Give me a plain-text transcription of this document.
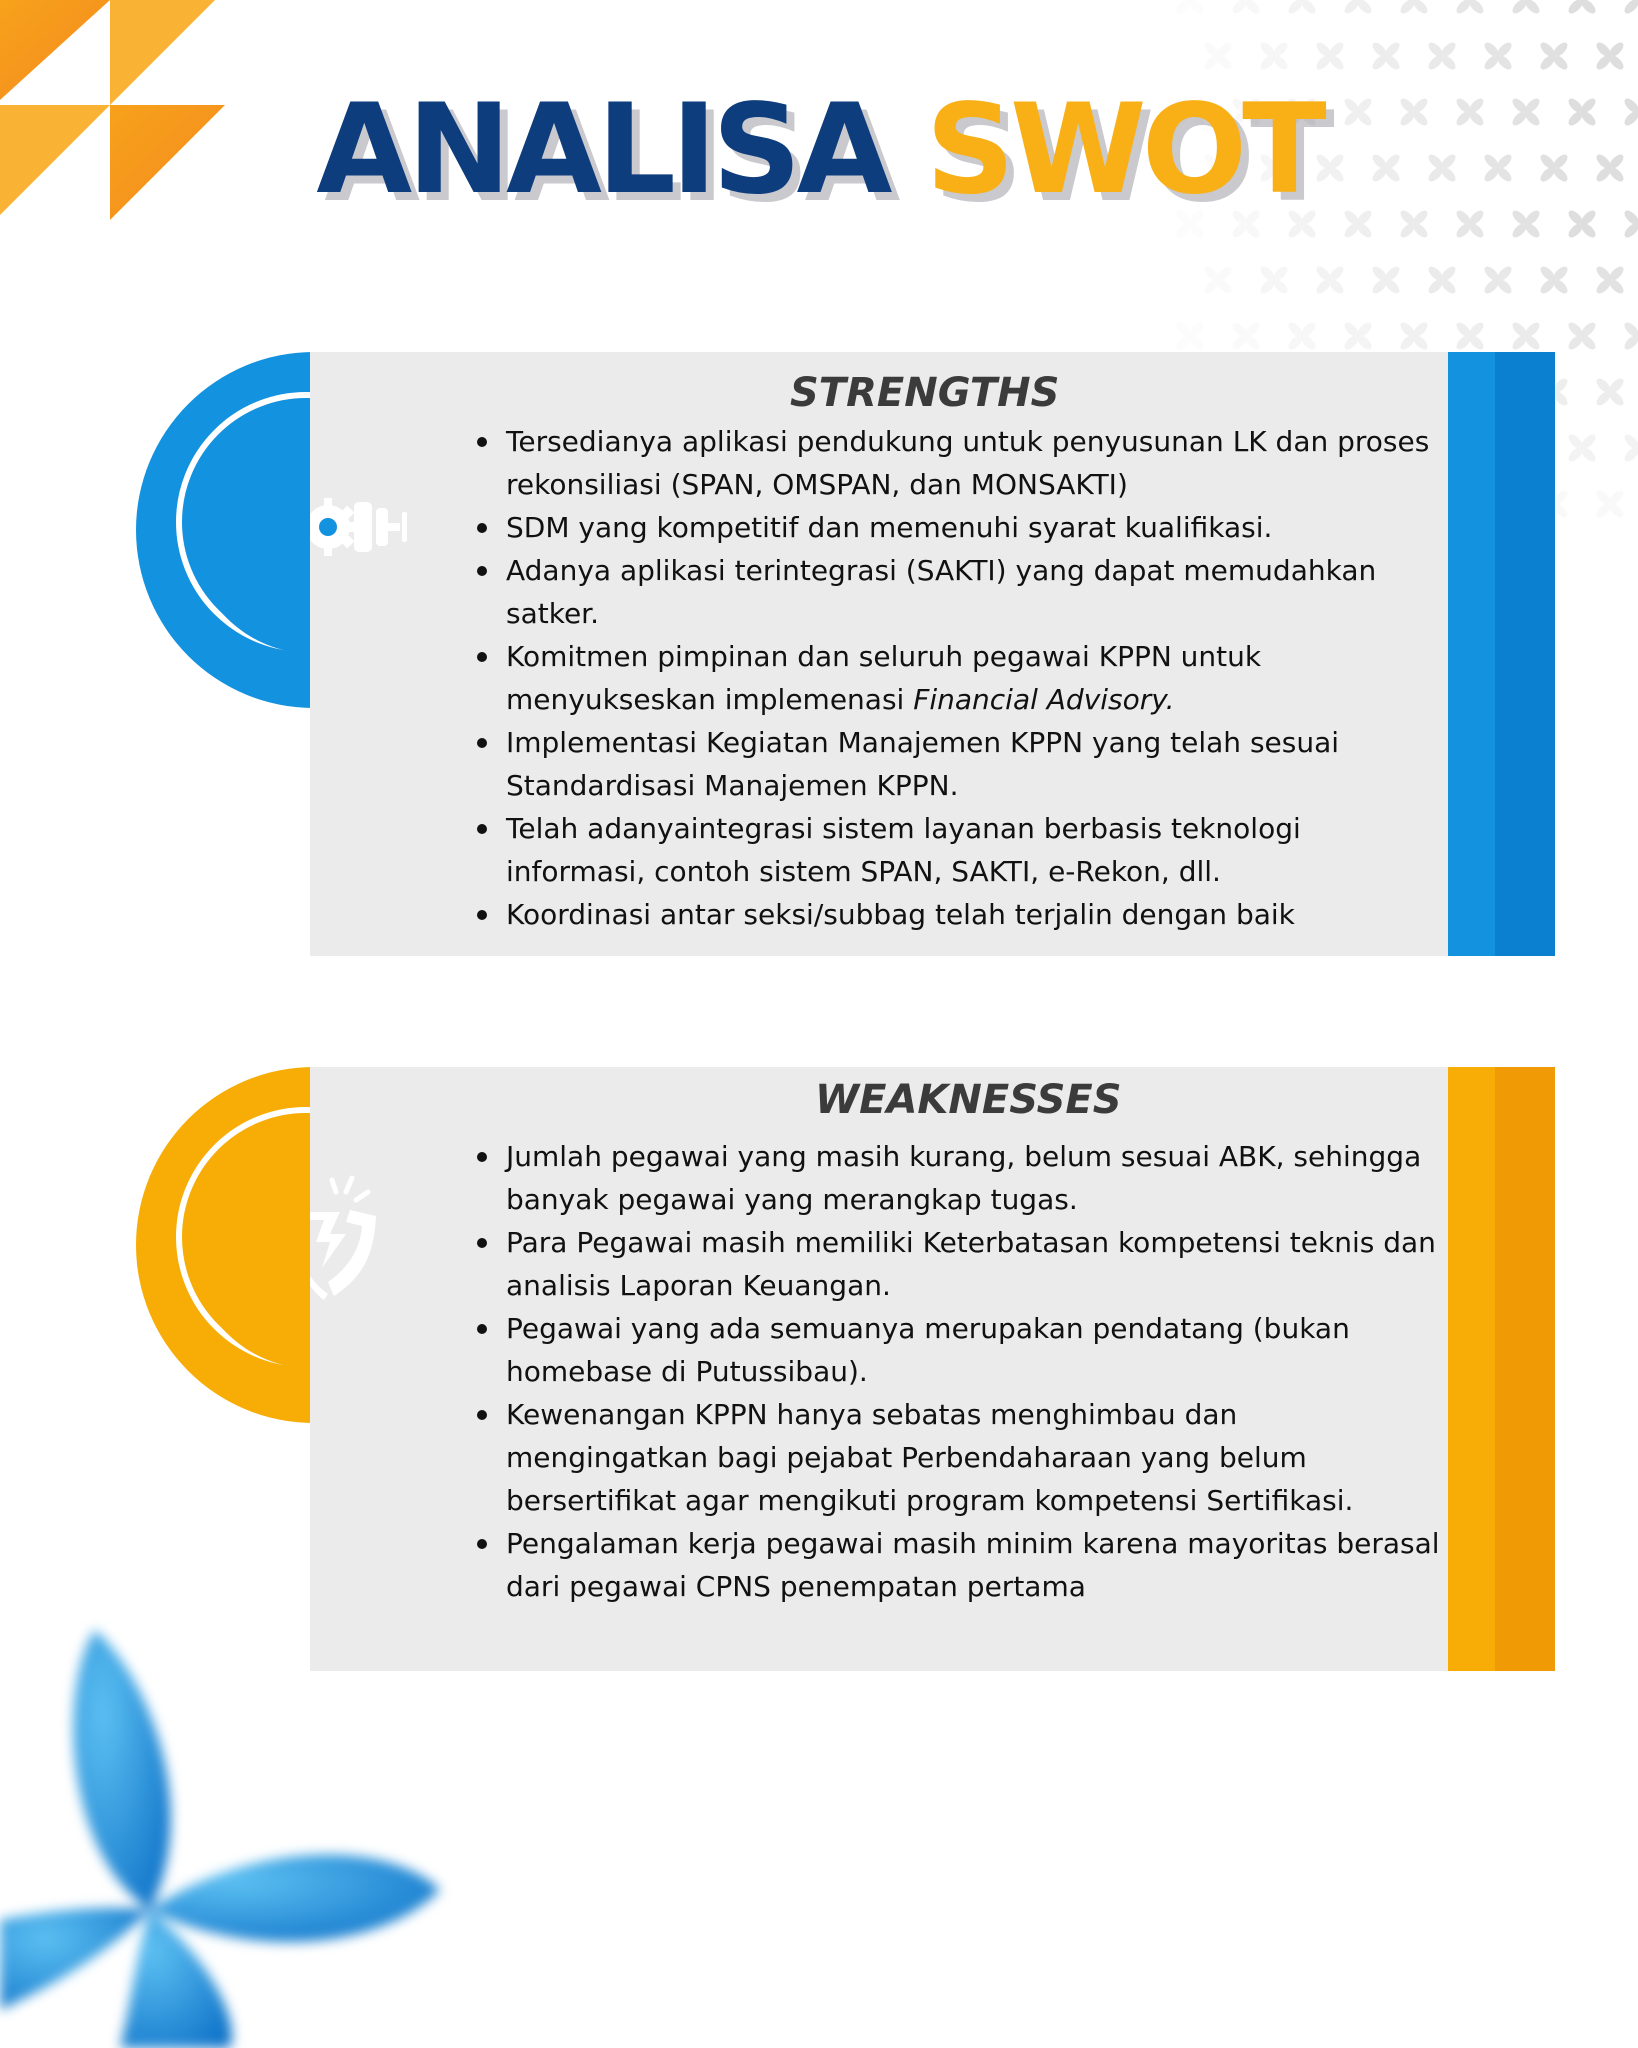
ANALISA SWOT
STRENGTHS
Tersedianya aplikasi pendukung untuk penyusunan LK dan proses rekonsiliasi (SPAN, OMSPAN, dan MONSAKTI)
SDM yang kompetitif dan memenuhi syarat kualifikasi.
Adanya aplikasi terintegrasi (SAKTI) yang dapat memudahkan satker.
Komitmen pimpinan dan seluruh pegawai KPPN untuk menyukseskan implemenasi Financial Advisory.
Implementasi Kegiatan Manajemen KPPN yang telah sesuai Standardisasi Manajemen KPPN.
Telah adanyaintegrasi sistem layanan berbasis teknologi informasi, contoh sistem SPAN, SAKTI, e-Rekon, dll.
Koordinasi antar seksi/subbag telah terjalin dengan baik
WEAKNESSES
Jumlah pegawai yang masih kurang, belum sesuai ABK, sehingga banyak pegawai yang merangkap tugas.
Para Pegawai masih memiliki Keterbatasan kompetensi teknis dan analisis Laporan Keuangan.
Pegawai yang ada semuanya merupakan pendatang (bukan homebase di Putussibau).
Kewenangan KPPN hanya sebatas menghimbau dan mengingatkan bagi pejabat Perbendaharaan yang belum bersertifikat agar mengikuti program kompetensi Sertifikasi.
Pengalaman kerja pegawai masih minim karena mayoritas berasal dari pegawai CPNS penempatan pertama
